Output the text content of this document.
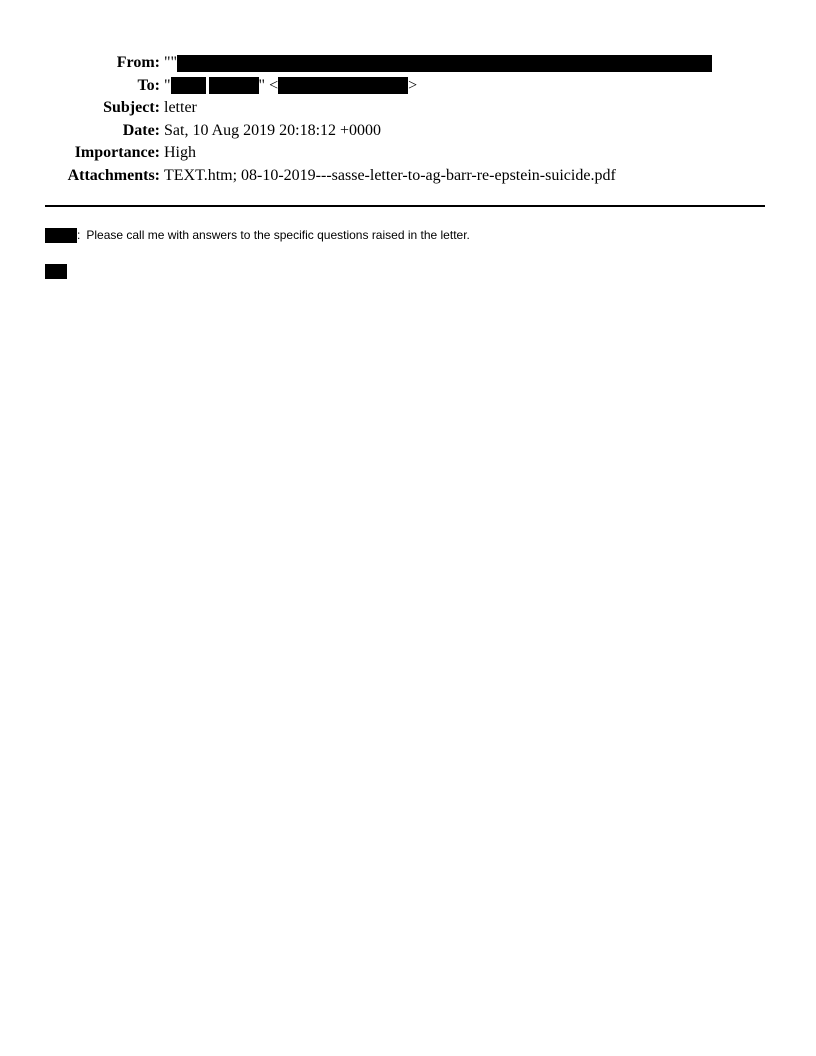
From: ""
To: "	" <	>
Subject: letter
Date: Sat, 10 Aug 2019 20:18:12 +0000
Importance: High
Attachments: TEXT.htm; 08-10-2019---sasse-letter-to-ag-barr-re-epstein-suicide.pdf
: Please call me with answers to the specific questions raised in the letter.
